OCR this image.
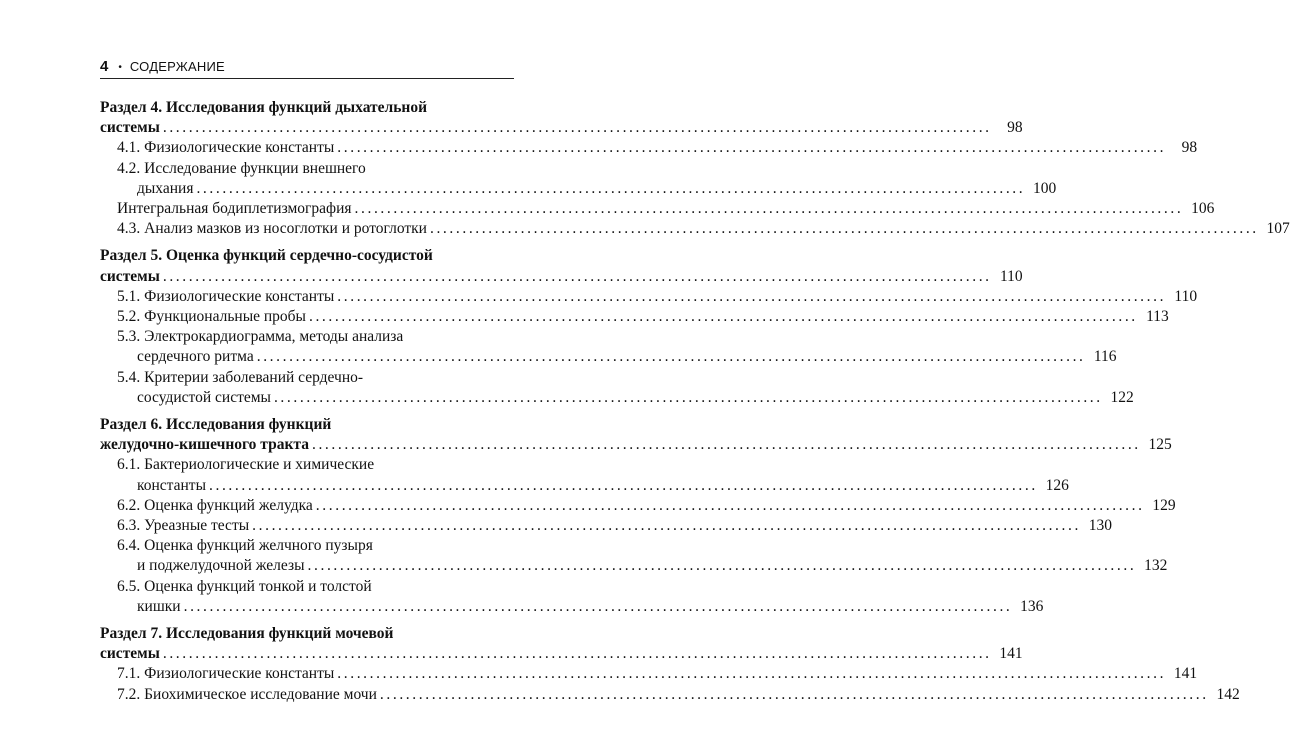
4 • СОДЕРЖАНИЕ
Раздел 4. Исследования функций дыхательной
системы ................................................................................................................................	98
4.1. Физиологические константы ................................................................................................................................	98
4.2. Исследование функции внешнего
дыхания ................................................................................................................................ 100
Интегральная бодиплетизмография ................................................................................................................................ 106
4.3. Анализ мазков из носоглотки и ротоглотки ................................................................................................................................ 107
Раздел 5. Оценка функций сердечно-сосудистой
системы ................................................................................................................................ 110
5.1. Физиологические константы ................................................................................................................................ 110
5.2. Функциональные пробы ................................................................................................................................ 113
5.3. Электрокардиограмма, методы анализа
сердечного ритма ................................................................................................................................ 116
5.4. Критерии заболеваний сердечно-
сосудистой системы ................................................................................................................................ 122
Раздел 6. Исследования функций
желудочно-кишечного тракта ................................................................................................................................ 125
6.1. Бактериологические и химические
константы ................................................................................................................................ 126
6.2. Оценка функций желудка ................................................................................................................................ 129
6.3. Уреазные тесты ................................................................................................................................ 130
6.4. Оценка функций желчного пузыря
и поджелудочной железы ................................................................................................................................ 132
6.5. Оценка функций тонкой и толстой
кишки ................................................................................................................................ 136
Раздел 7. Исследования функций мочевой
системы ................................................................................................................................ 141
7.1. Физиологические константы ................................................................................................................................ 141
7.2. Биохимическое исследование мочи ................................................................................................................................ 142
